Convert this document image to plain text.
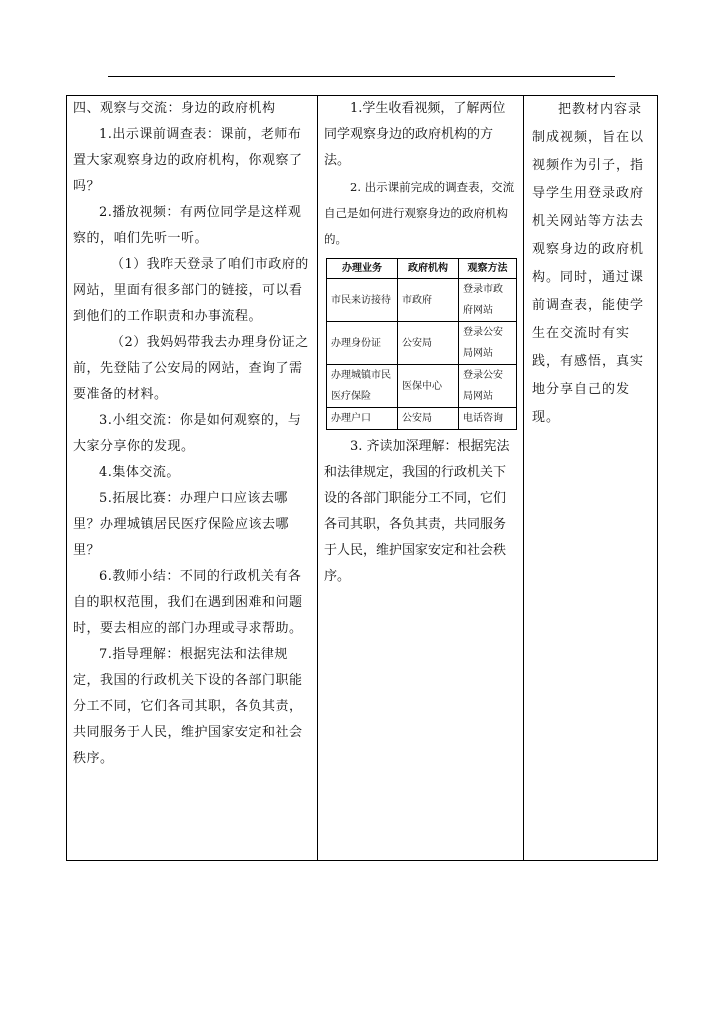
四、观察与交流：身边的政府机构

1.出示课前调查表：课前，老师布置大家观察身边的政府机构，你观察了吗？

2.播放视频：有两位同学是这样观察的，咱们先听一听。

（1）我昨天登录了咱们市政府的网站，里面有很多部门的链接，可以看到他们的工作职责和办事流程。

（2）我妈妈带我去办理身份证之前，先登陆了公安局的网站，查询了需要准备的材料。

3.小组交流：你是如何观察的，与大家分享你的发现。

4.集体交流。

5.拓展比赛：办理户口应该去哪里？办理城镇居民医疗保险应该去哪里？

6.教师小结：不同的行政机关有各自的职权范围，我们在遇到困难和问题时，要去相应的部门办理或寻求帮助。

7.指导理解：根据宪法和法律规定，我国的行政机关下设的各部门职能分工不同，它们各司其职，各负其责，共同服务于人民，维护国家安定和社会秩序。

1.学生收看视频，了解两位同学观察身边的政府机构的方法。

2. 出示课前完成的调查表，交流自己是如何进行观察身边的政府机构的。

办理业务	政府机构	观察方法
市民来访接待	市政府	登录市政府网站
办理身份证	公安局	登录公安局网站
办理城镇市民医疗保险	医保中心	登录公安局网站
办理户口	公安局	电话咨询

3. 齐读加深理解：根据宪法和法律规定，我国的行政机关下设的各部门职能分工不同，它们各司其职，各负其责，共同服务于人民，维护国家安定和社会秩序。

把教材内容录制成视频，旨在以视频作为引子，指导学生用登录政府机关网站等方法去观察身边的政府机构。同时，通过课前调查表，能使学生在交流时有实践，有感悟，真实地分享自己的发现。
